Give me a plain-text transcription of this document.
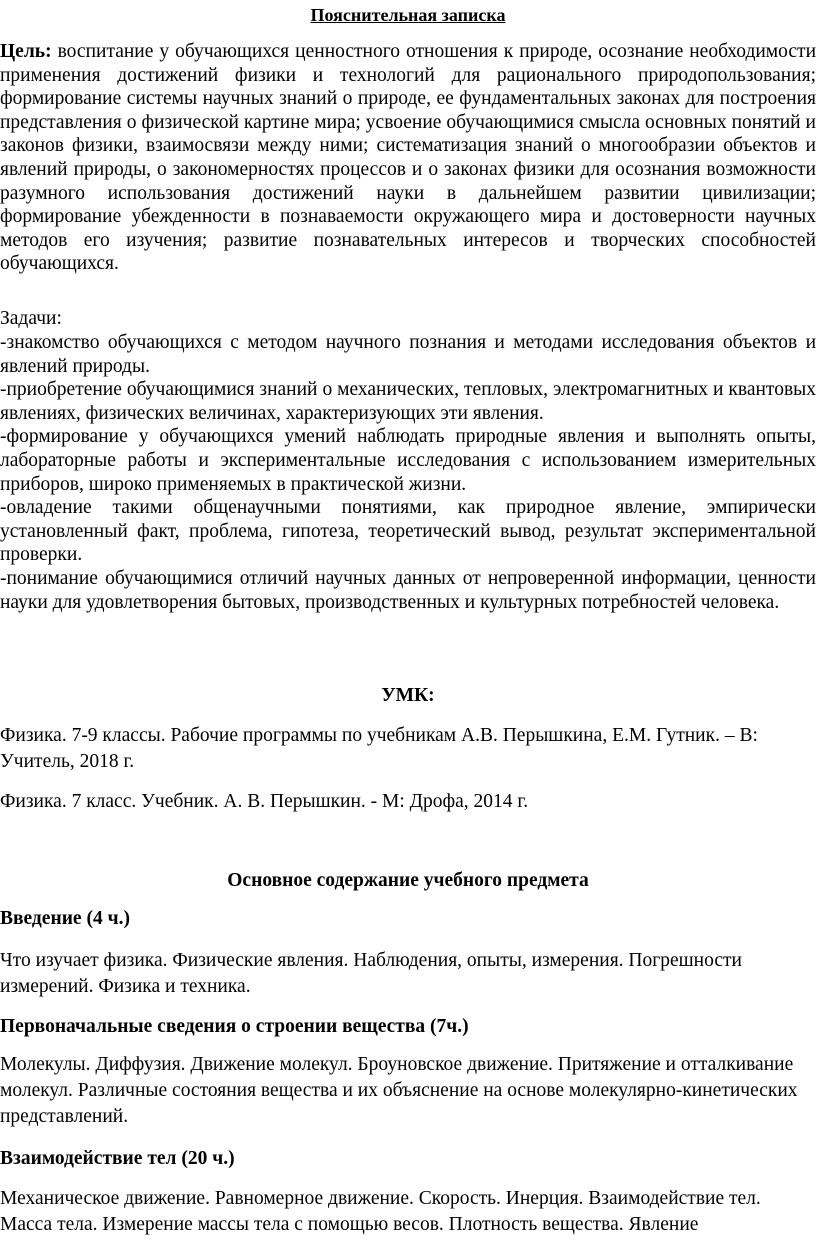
Пояснительная записка

Цель: воспитание у обучающихся ценностного отношения к природе, осознание необходимости применения достижений физики и технологий для рационального природопользования; формирование системы научных знаний о природе, ее фундаментальных законах для построения представления о физической картине мира; усвоение обучающимися смысла основных понятий и законов физики, взаимосвязи между ними; систематизация знаний о многообразии объектов и явлений природы, о закономерностях процессов и о законах физики для осознания возможности разумного использования достижений науки в дальнейшем развитии цивилизации; формирование убежденности в познаваемости окружающего мира и достоверности научных методов его изучения; развитие познавательных интересов и творческих способностей обучающихся.

Задачи:

-знакомство обучающихся с методом научного познания и методами исследования объектов и явлений природы.

-приобретение обучающимися знаний о механических, тепловых, электромагнитных и квантовых явлениях, физических величинах, характеризующих эти явления.

-формирование у обучающихся умений наблюдать природные явления и выполнять опыты, лабораторные работы и экспериментальные исследования с использованием измерительных приборов, широко применяемых в практической жизни.

-овладение такими общенаучными понятиями, как природное явление, эмпирически установленный факт, проблема, гипотеза, теоретический вывод, результат экспериментальной проверки.

-понимание обучающимися отличий научных данных от непроверенной информации, ценности науки для удовлетворения бытовых, производственных и культурных потребностей человека.

УМК:

Физика. 7-9 классы. Рабочие программы по учебникам А.В. Перышкина, Е.М. Гутник. – В: Учитель, 2018 г.

Физика. 7 класс. Учебник. А. В. Перышкин. - М: Дрофа, 2014 г.

Основное содержание учебного предмета

Введение (4 ч.)

Что изучает физика. Физические явления. Наблюдения, опыты, измерения. Погрешности измерений. Физика и техника.

Первоначальные сведения о строении вещества (7ч.)

Молекулы. Диффузия. Движение молекул. Броуновское движение. Притяжение и отталкивание молекул. Различные состояния вещества и их объяснение на основе молекулярно-кинетических представлений.

Взаимодействие тел (20 ч.)

Механическое движение. Равномерное движение. Скорость. Инерция. Взаимодействие тел. Масса тела. Измерение массы тела с помощью весов. Плотность вещества. Явление
